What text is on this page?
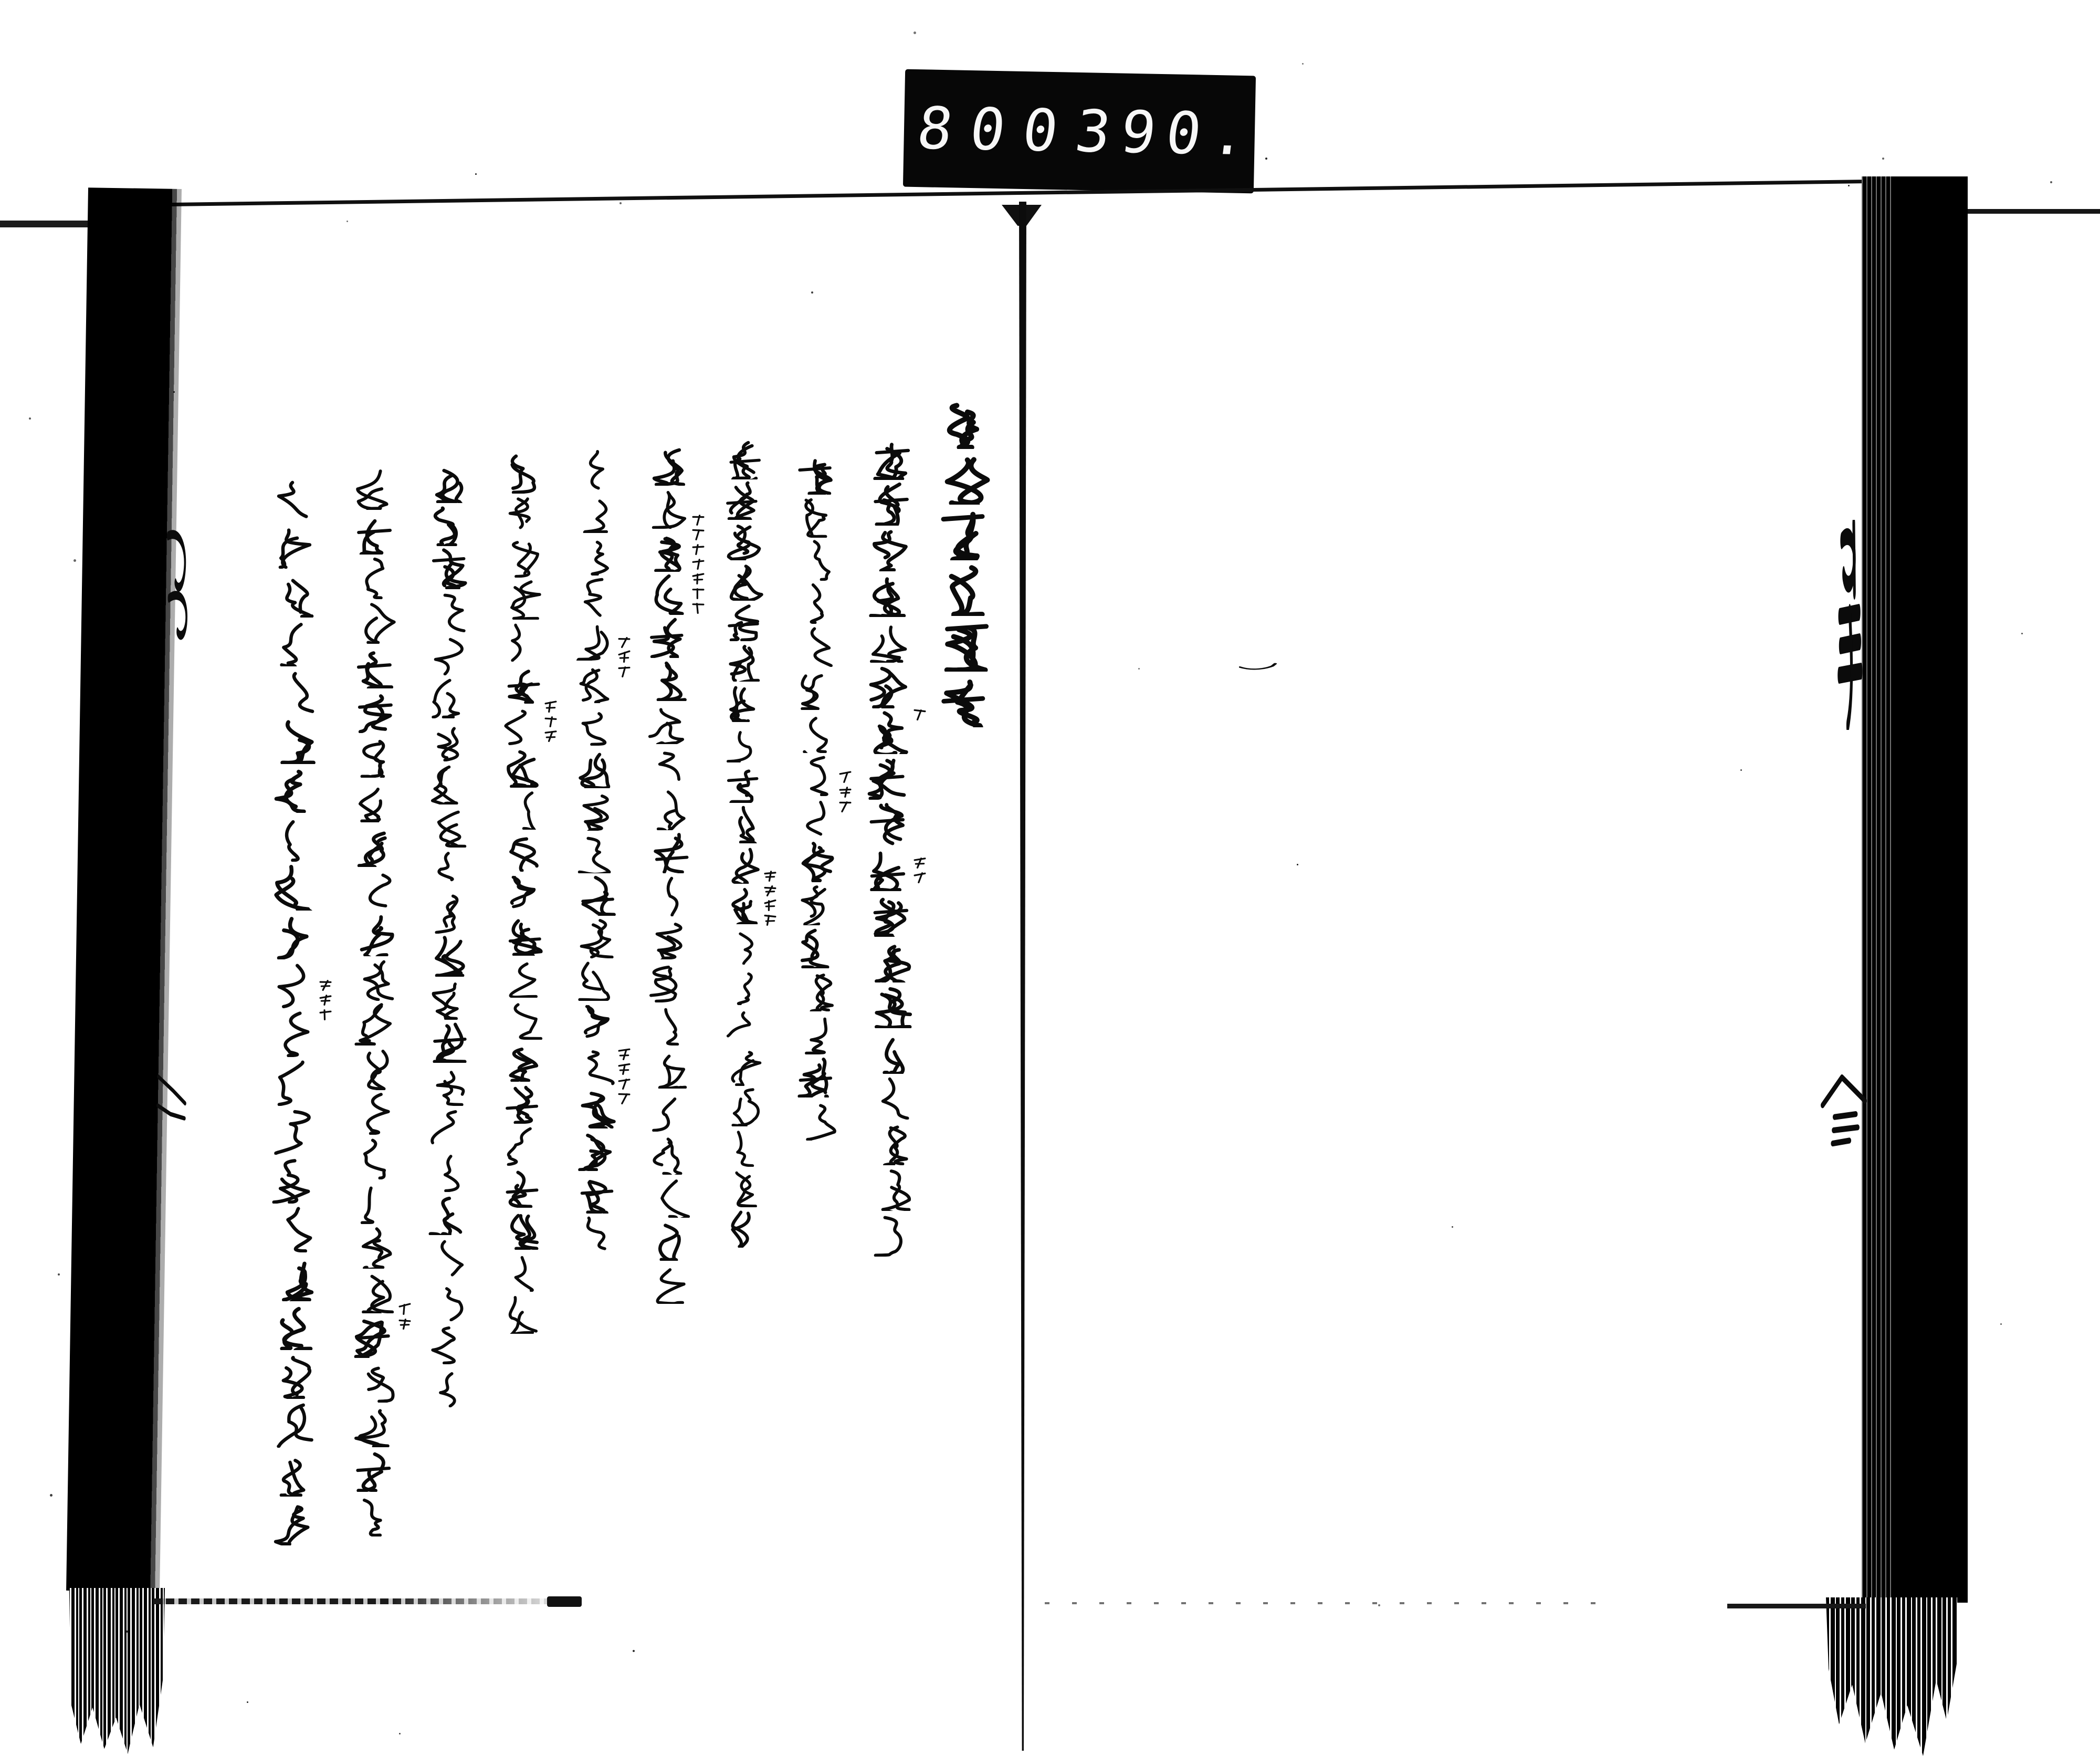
800
390.
